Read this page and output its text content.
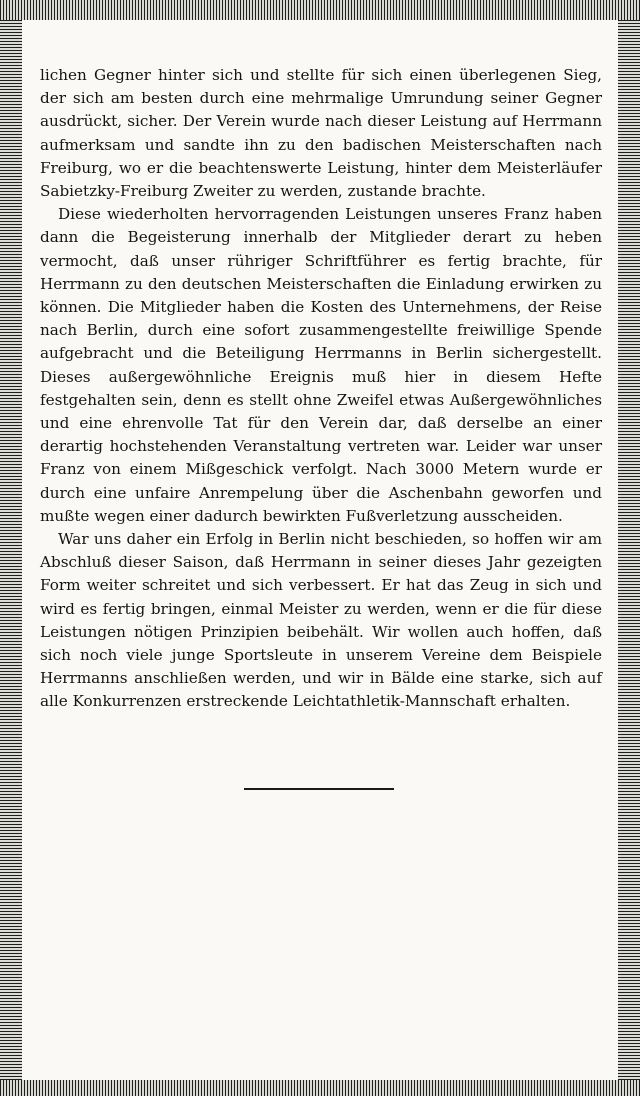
lichen Gegner hinter sich und stellte für sich einen überlegenen Sieg, der sich am besten durch eine mehrmalige Umrundung seiner Gegner ausdrückt, sicher. Der Verein wurde nach dieser Leistung auf Herrmann aufmerksam und sandte ihn zu den badischen Meisterschaften nach Freiburg, wo er die beachtenswerte Leistung, hinter dem Meisterläufer Sabietzky-Freiburg Zweiter zu werden, zustande brachte.

Diese wiederholten hervorragenden Leistungen unseres Franz haben dann die Begeisterung innerhalb der Mitglieder derart zu heben vermocht, daß unser rühriger Schriftführer es fertig brachte, für Herrmann zu den deutschen Meisterschaften die Einladung erwirken zu können. Die Mitglieder haben die Kosten des Unternehmens, der Reise nach Berlin, durch eine sofort zusammengestellte freiwillige Spende aufgebracht und die Beteiligung Herrmanns in Berlin sichergestellt. Dieses außergewöhnliche Ereignis muß hier in diesem Hefte festgehalten sein, denn es stellt ohne Zweifel etwas Außergewöhnliches und eine ehrenvolle Tat für den Verein dar, daß derselbe an einer derartig hochstehenden Veranstaltung vertreten war. Leider war unser Franz von einem Mißgeschick verfolgt. Nach 3000 Metern wurde er durch eine unfaire Anrempelung über die Aschenbahn geworfen und mußte wegen einer dadurch bewirkten Fußverletzung ausscheiden.

War uns daher ein Erfolg in Berlin nicht beschieden, so hoffen wir am Abschluß dieser Saison, daß Herrmann in seiner dieses Jahr gezeigten Form weiter schreitet und sich verbessert. Er hat das Zeug in sich und wird es fertig bringen, einmal Meister zu werden, wenn er die für diese Leistungen nötigen Prinzipien beibehält. Wir wollen auch hoffen, daß sich noch viele junge Sportsleute in unserem Vereine dem Beispiele Herrmanns anschließen werden, und wir in Bälde eine starke, sich auf alle Konkurrenzen erstreckende Leichtathletik-Mannschaft erhalten.
